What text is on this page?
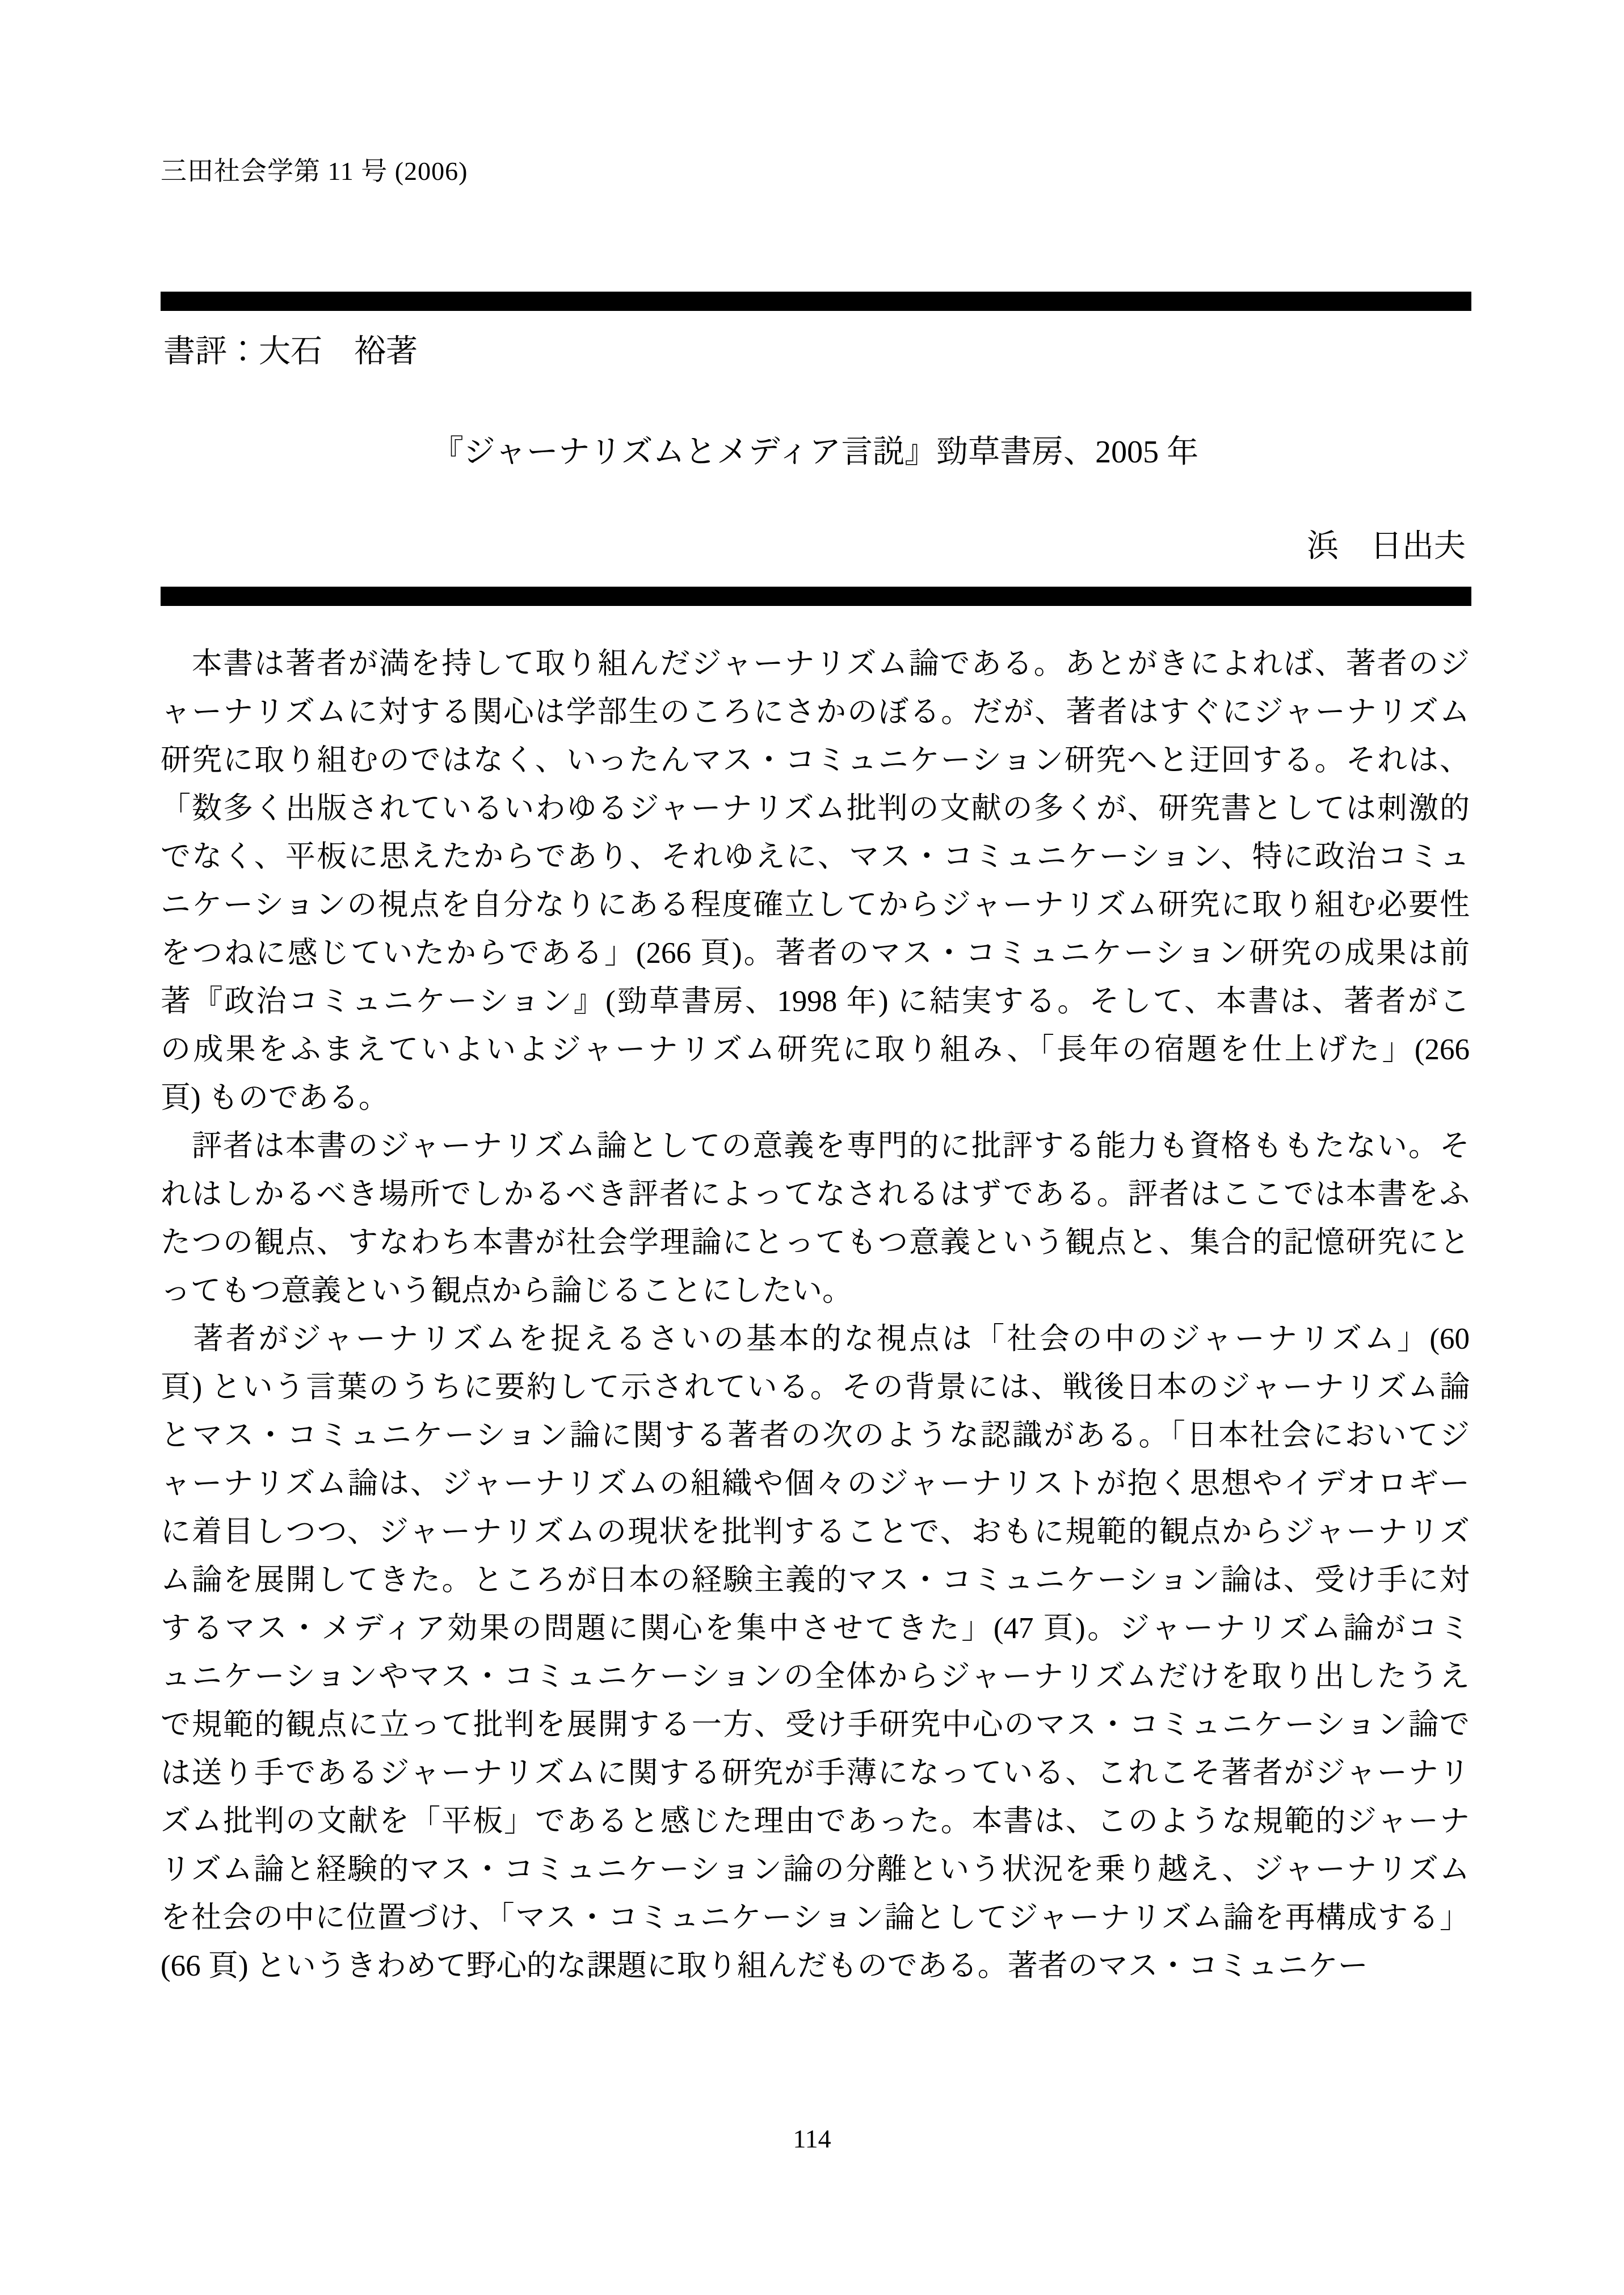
三田社会学第 11 号 (2006)
書評：大石　裕著
『ジャーナリズムとメディア言説』勁草書房、2005 年
浜　日出夫
　本書は著者が満を持して取り組んだジャーナリズム論である。あとがきによれば、著者のジ
ャーナリズムに対する関心は学部生のころにさかのぼる。だが、著者はすぐにジャーナリズム
研究に取り組むのではなく、いったんマス・コミュニケーション研究へと迂回する。それは、
「数多く出版されているいわゆるジャーナリズム批判の文献の多くが、研究書としては刺激的
でなく、平板に思えたからであり、それゆえに、マス・コミュニケーション、特に政治コミュ
ニケーションの視点を自分なりにある程度確立してからジャーナリズム研究に取り組む必要性
をつねに感じていたからである」(266 頁)。著者のマス・コミュニケーション研究の成果は前
著『政治コミュニケーション』(勁草書房、1998 年) に結実する。そして、本書は、著者がこ
の成果をふまえていよいよジャーナリズム研究に取り組み、「長年の宿題を仕上げた」(266
頁) ものである。
　評者は本書のジャーナリズム論としての意義を専門的に批評する能力も資格ももたない。そ
れはしかるべき場所でしかるべき評者によってなされるはずである。評者はここでは本書をふ
たつの観点、すなわち本書が社会学理論にとってもつ意義という観点と、集合的記憶研究にと
ってもつ意義という観点から論じることにしたい。
　著者がジャーナリズムを捉えるさいの基本的な視点は「社会の中のジャーナリズム」(60
頁) という言葉のうちに要約して示されている。その背景には、戦後日本のジャーナリズム論
とマス・コミュニケーション論に関する著者の次のような認識がある。「日本社会においてジ
ャーナリズム論は、ジャーナリズムの組織や個々のジャーナリストが抱く思想やイデオロギー
に着目しつつ、ジャーナリズムの現状を批判することで、おもに規範的観点からジャーナリズ
ム論を展開してきた。ところが日本の経験主義的マス・コミュニケーション論は、受け手に対
するマス・メディア効果の問題に関心を集中させてきた」(47 頁)。ジャーナリズム論がコミ
ュニケーションやマス・コミュニケーションの全体からジャーナリズムだけを取り出したうえ
で規範的観点に立って批判を展開する一方、受け手研究中心のマス・コミュニケーション論で
は送り手であるジャーナリズムに関する研究が手薄になっている、これこそ著者がジャーナリ
ズム批判の文献を「平板」であると感じた理由であった。本書は、このような規範的ジャーナ
リズム論と経験的マス・コミュニケーション論の分離という状況を乗り越え、ジャーナリズム
を社会の中に位置づけ、「マス・コミュニケーション論としてジャーナリズム論を再構成する」
(66 頁) というきわめて野心的な課題に取り組んだものである。著者のマス・コミュニケー
114
